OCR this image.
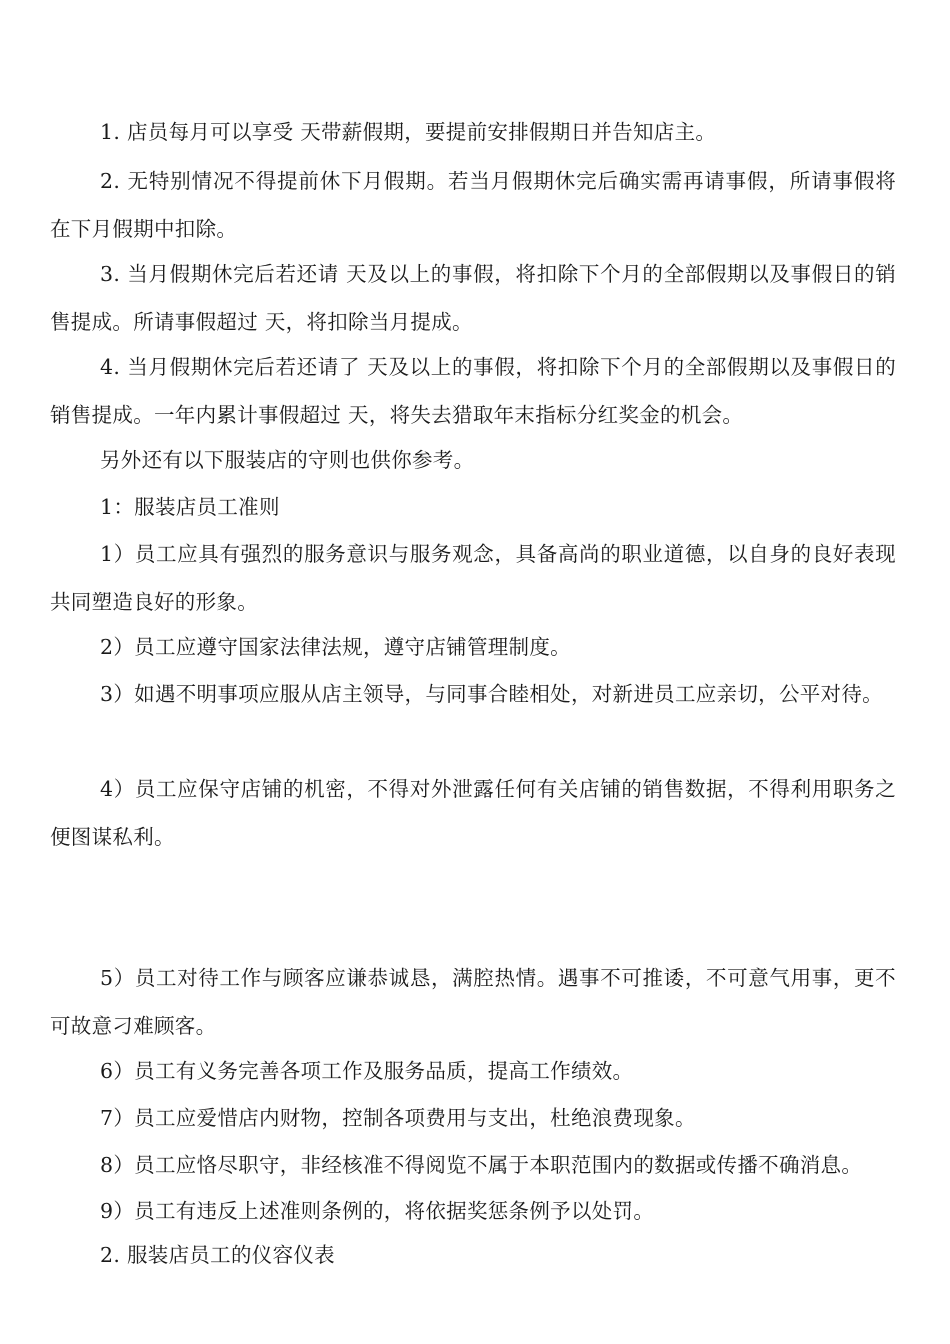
1. 店员每月可以享受 天带薪假期，要提前安排假期日并告知店主。

2. 无特别情况不得提前休下月假期。若当月假期休完后确实需再请事假，所请事假将在下月假期中扣除。

3. 当月假期休完后若还请 天及以上的事假，将扣除下个月的全部假期以及事假日的销售提成。所请事假超过 天，将扣除当月提成。

4. 当月假期休完后若还请了 天及以上的事假，将扣除下个月的全部假期以及事假日的销售提成。一年内累计事假超过 天，将失去猎取年末指标分红奖金的机会。

另外还有以下服装店的守则也供你参考。

1：服装店员工准则

1）员工应具有强烈的服务意识与服务观念，具备高尚的职业道德，以自身的良好表现共同塑造良好的形象。

2）员工应遵守国家法律法规，遵守店铺管理制度。

3）如遇不明事项应服从店主领导，与同事合睦相处，对新进员工应亲切，公平对待。

4）员工应保守店铺的机密，不得对外泄露任何有关店铺的销售数据，不得利用职务之便图谋私利。

5）员工对待工作与顾客应谦恭诚恳，满腔热情。遇事不可推诿，不可意气用事，更不可故意刁难顾客。

6）员工有义务完善各项工作及服务品质，提高工作绩效。

7）员工应爱惜店内财物，控制各项费用与支出，杜绝浪费现象。

8）员工应恪尽职守，非经核准不得阅览不属于本职范围内的数据或传播不确消息。

9）员工有违反上述准则条例的，将依据奖惩条例予以处罚。

2. 服装店员工的仪容仪表
